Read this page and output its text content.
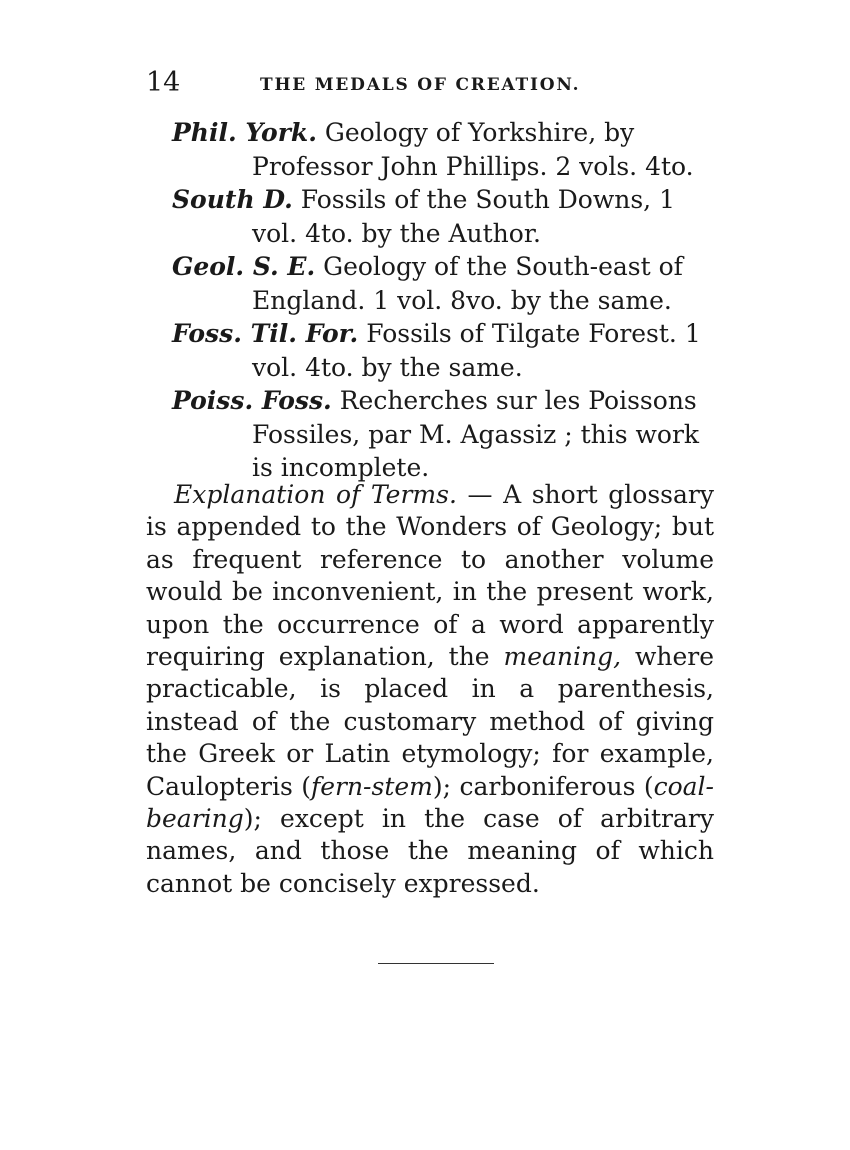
14	THE MEDALS OF CREATION.
Phil. York. Geology of Yorkshire, by Professor John Phillips. 2 vols. 4to.
South D. Fossils of the South Downs, 1 vol. 4to. by the Author.
Geol. S. E. Geology of the South-east of England. 1 vol. 8vo. by the same.
Foss. Til. For. Fossils of Tilgate Forest. 1 vol. 4to. by the same.
Poiss. Foss. Recherches sur les Poissons Fossiles, par M. Agassiz ; this work is incomplete.

Explanation of Terms. — A short glossary is appended to the Wonders of Geology; but as frequent reference to another volume would be inconvenient, in the present work, upon the occurrence of a word apparently requiring explanation, the meaning, where practicable, is placed in a parenthesis, instead of the customary method of giving the Greek or Latin etymology; for example, Caulopteris (fern-stem); carboniferous (coal-bearing); except in the case of arbitrary names, and those the meaning of which cannot be concisely expressed.
